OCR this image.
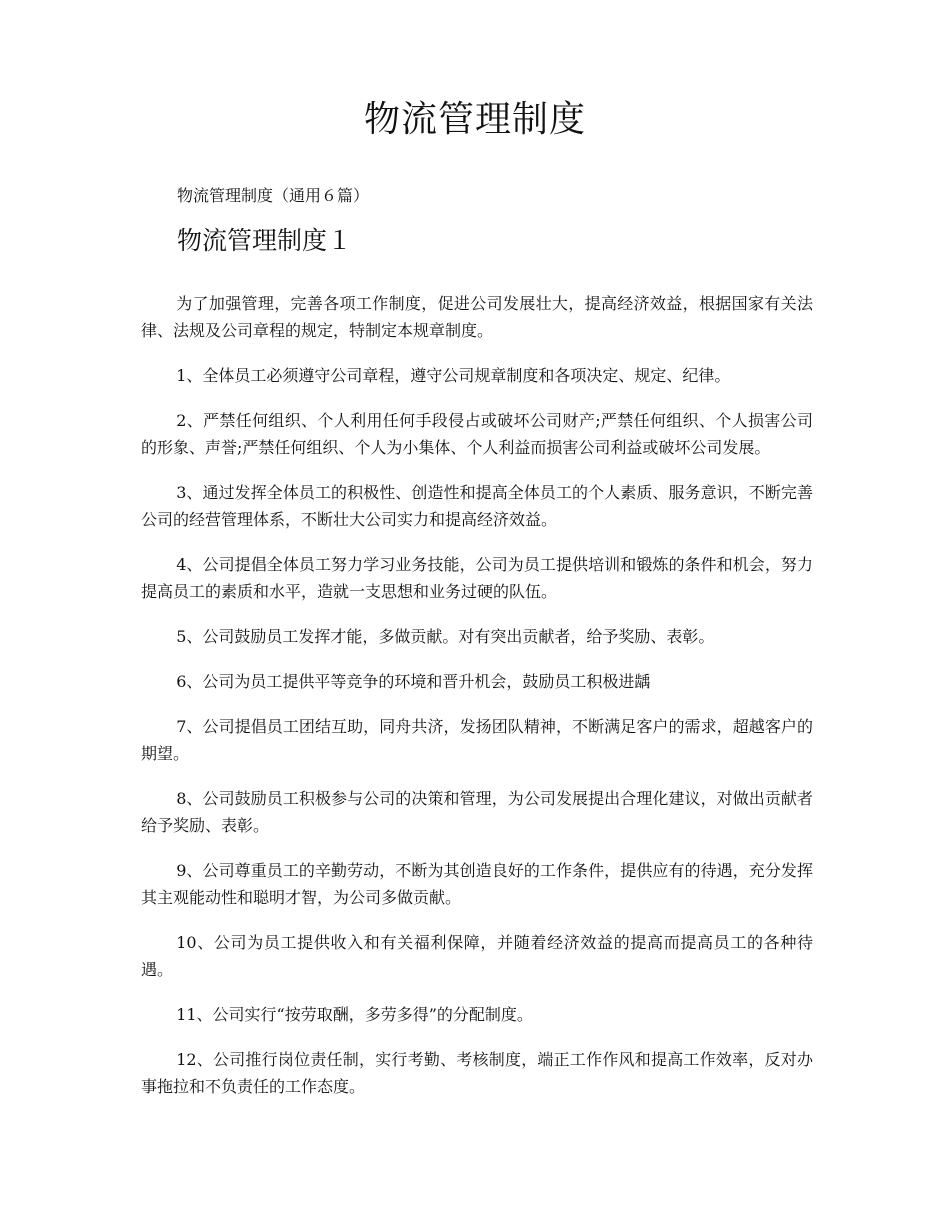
物流管理制度
物流管理制度（通用６篇）
物流管理制度１

为了加强管理，完善各项工作制度，促进公司发展壮大，提高经济效益，根据国家有关法律、法规及公司章程的规定，特制定本规章制度。

1、全体员工必须遵守公司章程，遵守公司规章制度和各项决定、规定、纪律。

2、严禁任何组织、个人利用任何手段侵占或破坏公司财产;严禁任何组织、个人损害公司的形象、声誉;严禁任何组织、个人为小集体、个人利益而损害公司利益或破坏公司发展。

3、通过发挥全体员工的积极性、创造性和提高全体员工的个人素质、服务意识，不断完善公司的经营管理体系，不断壮大公司实力和提高经济效益。

4、公司提倡全体员工努力学习业务技能，公司为员工提供培训和锻炼的条件和机会，努力提高员工的素质和水平，造就一支思想和业务过硬的队伍。

5、公司鼓励员工发挥才能，多做贡献。对有突出贡献者，给予奖励、表彰。

6、公司为员工提供平等竞争的环境和晋升机会，鼓励员工积极进龋

7、公司提倡员工团结互助，同舟共济，发扬团队精神，不断满足客户的需求，超越客户的期望。

8、公司鼓励员工积极参与公司的决策和管理，为公司发展提出合理化建议，对做出贡献者给予奖励、表彰。

9、公司尊重员工的辛勤劳动，不断为其创造良好的工作条件，提供应有的待遇，充分发挥其主观能动性和聪明才智，为公司多做贡献。

10、公司为员工提供收入和有关福利保障，并随着经济效益的提高而提高员工的各种待遇。

11、公司实行“按劳取酬，多劳多得”的分配制度。

12、公司推行岗位责任制，实行考勤、考核制度，端正工作作风和提高工作效率，反对办事拖拉和不负责任的工作态度。
